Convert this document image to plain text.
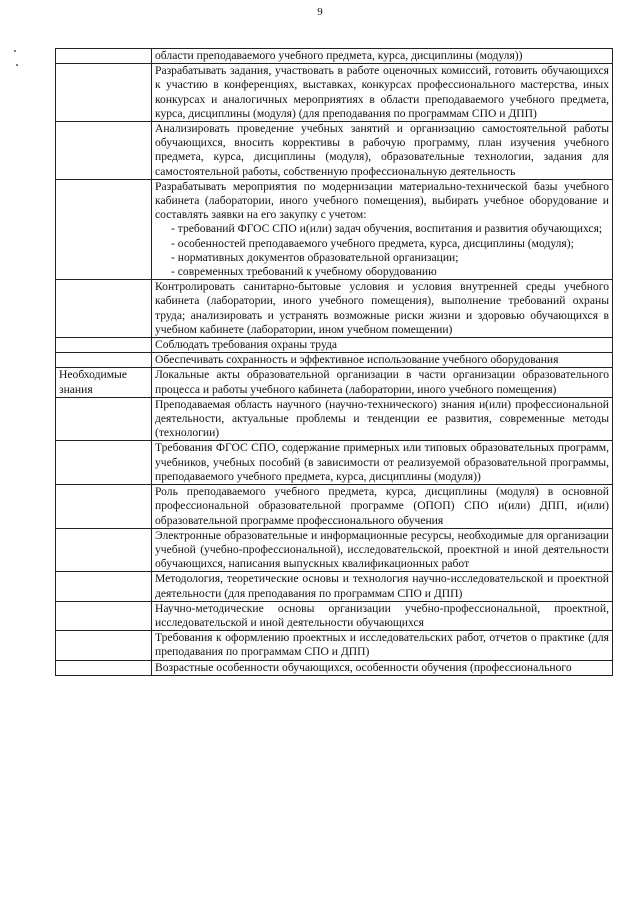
9
	области преподаваемого учебного предмета, курса, дисциплины (модуля))
	Разрабатывать задания, участвовать в работе оценочных комиссий, готовить обучающихся к участию в конференциях, выставках, конкурсах профессионального мастерства, иных конкурсах и аналогичных мероприятиях в области преподаваемого учебного предмета, курса, дисциплины (модуля) (для преподавания по программам СПО и ДПП)
	Анализировать проведение учебных занятий и организацию самостоятельной работы обучающихся, вносить коррективы в рабочую программу, план изучения учебного предмета, курса, дисциплины (модуля), образовательные технологии, задания для самостоятельной работы, собственную профессиональную деятельность
	Разрабатывать мероприятия по модернизации материально-технической базы учебного кабинета (лаборатории, иного учебного помещения), выбирать учебное оборудование и составлять заявки на его закупку с учетом:
- требований ФГОС СПО и(или) задач обучения, воспитания и развития обучающихся;
- особенностей преподаваемого учебного предмета, курса, дисциплины (модуля);
- нормативных документов образовательной организации;
- современных требований к учебному оборудованию

	Контролировать санитарно-бытовые условия и условия внутренней среды учебного кабинета (лаборатории, иного учебного помещения), выполнение требований охраны труда; анализировать и устранять возможные риски жизни и здоровью обучающихся в учебном кабинете (лаборатории, ином учебном помещении)
	Соблюдать требования охраны труда
	Обеспечивать сохранность и эффективное использование учебного оборудования
Необходимые знания	Локальные акты образовательной организации в части организации образовательного процесса и работы учебного кабинета (лаборатории, иного учебного помещения)
	Преподаваемая область научного (научно-технического) знания и(или) профессиональной деятельности, актуальные проблемы и тенденции ее развития, современные методы (технологии)
	Требования ФГОС СПО, содержание примерных или типовых образовательных программ, учебников, учебных пособий (в зависимости от реализуемой образовательной программы, преподаваемого учебного предмета, курса, дисциплины (модуля))
	Роль преподаваемого учебного предмета, курса, дисциплины (модуля) в основной профессиональной образовательной программе (ОПОП) СПО и(или) ДПП, и(или) образовательной программе профессионального обучения
	Электронные образовательные и информационные ресурсы, необходимые для организации учебной (учебно-профессиональной), исследовательской, проектной и иной деятельности обучающихся, написания выпускных квалификационных работ
	Методология, теоретические основы и технология научно-исследовательской и проектной деятельности (для преподавания по программам СПО и ДПП)
	Научно-методические основы организации учебно-профессиональной, проектной, исследовательской и иной деятельности обучающихся
	Требования к оформлению проектных и исследовательских работ, отчетов о практике (для преподавания по программам СПО и ДПП)
	Возрастные особенности обучающихся, особенности обучения (профессионального
